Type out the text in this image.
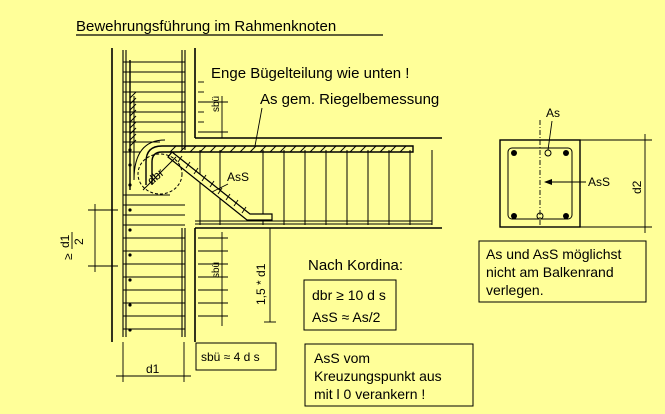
Bewehrungsführung im Rahmenknoten
dbr
sbü
sbü	1,5 * d1
≥
d1 2
d1
Enge Bügelteilung wie unten !
As gem. Riegelbemessung
AsS
Nach Kordina:
sbü ≈ 4 d s
dbr ≥ 10 d s
AsS ≈ As/2
AsS vom
Kreuzungspunkt aus
mit l 0 verankern !
As
AsS d2
As und AsS möglichst
nicht am Balkenrand
verlegen.
